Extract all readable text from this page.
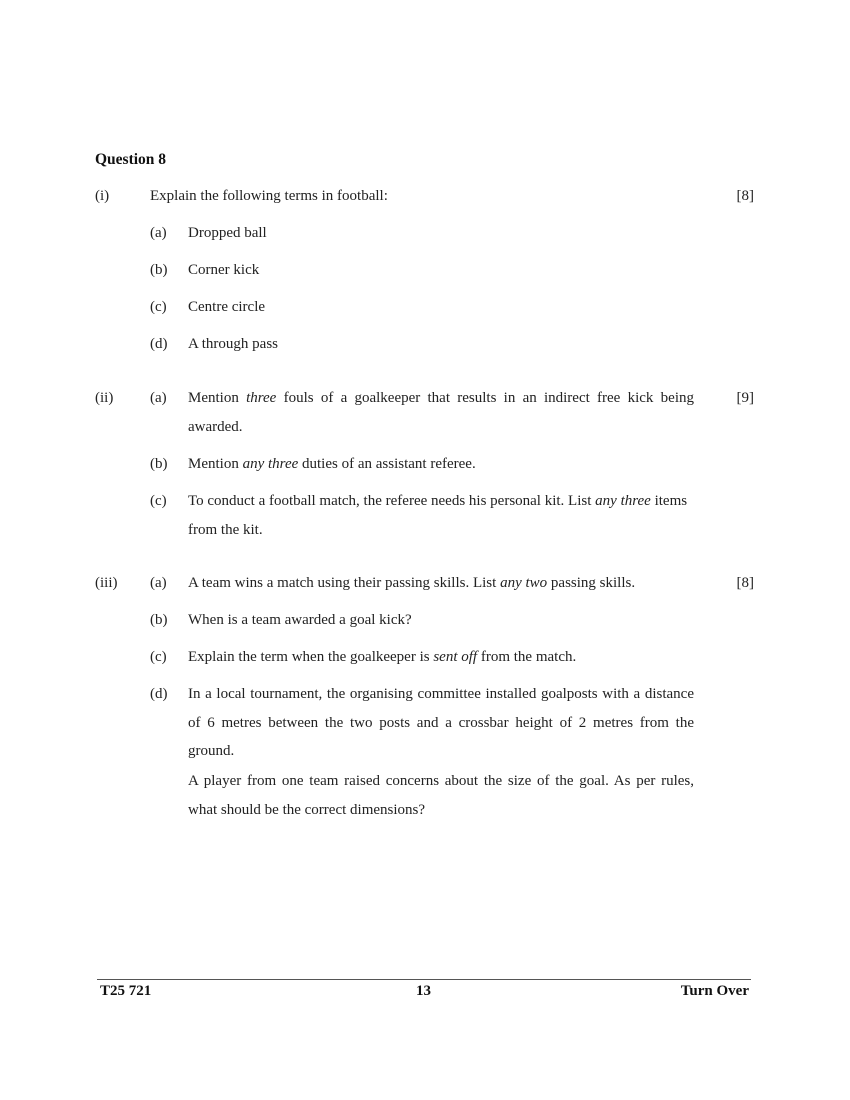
Question 8
(i)	Explain the following terms in football:	[8]
(a) Dropped ball
(b) Corner kick
(c) Centre circle
(d) A through pass
(ii)	[9]
(a) Mention three fouls of a goalkeeper that results in an indirect free kick being awarded.
(b) Mention any three duties of an assistant referee.
(c) To conduct a football match, the referee needs his personal kit. List any three items from the kit.
(iii)	[8]
(a) A team wins a match using their passing skills. List any two passing skills.
(b) When is a team awarded a goal kick?
(c) Explain the term when the goalkeeper is sent off from the match.
(d) In a local tournament, the organising committee installed goalposts with a distance of 6 metres between the two posts and a crossbar height of 2 metres from the ground.
A player from one team raised concerns about the size of the goal. As per rules, what should be the correct dimensions?
T25 721	13	Turn Over
